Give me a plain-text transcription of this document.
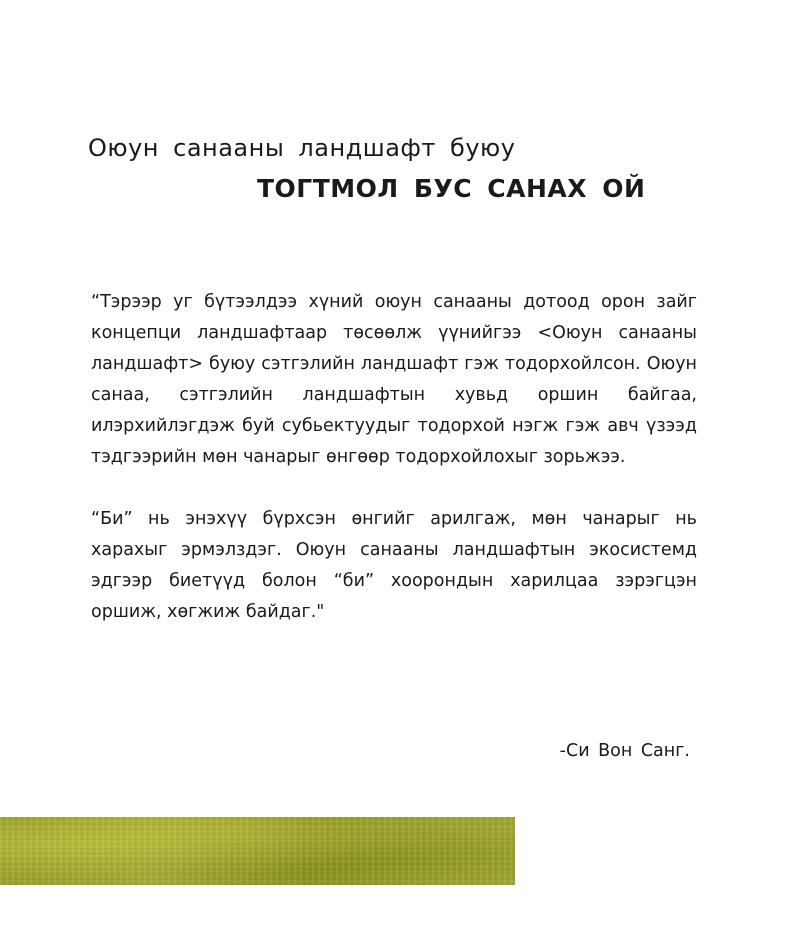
Оюун санааны ландшафт буюу
ТОГТМОЛ БУС САНАХ ОЙ

“Тэрээр уг бүтээлдээ хүний оюун санааны дотоод орон зайг концепци ландшафтаар төсөөлж үүнийгээ <Оюун санааны ландшафт> буюу сэтгэлийн ландшафт гэж тодорхойлсон. Оюун санаа, сэтгэлийн ландшафтын хувьд оршин байгаа, илэрхийлэгдэж буй субьектуудыг тодорхой нэгж гэж авч үзээд тэдгээрийн мөн чанарыг өнгөөр тодорхойлохыг зорьжээ.

“Би” нь энэхүү бүрхсэн өнгийг арилгаж, мөн чанарыг нь харахыг эрмэлздэг. Оюун санааны ландшафтын экосистемд эдгээр биетүүд болон “би” хоорондын харилцаа зэрэгцэн оршиж, хөгжиж байдаг."

-Си Вон Санг.
